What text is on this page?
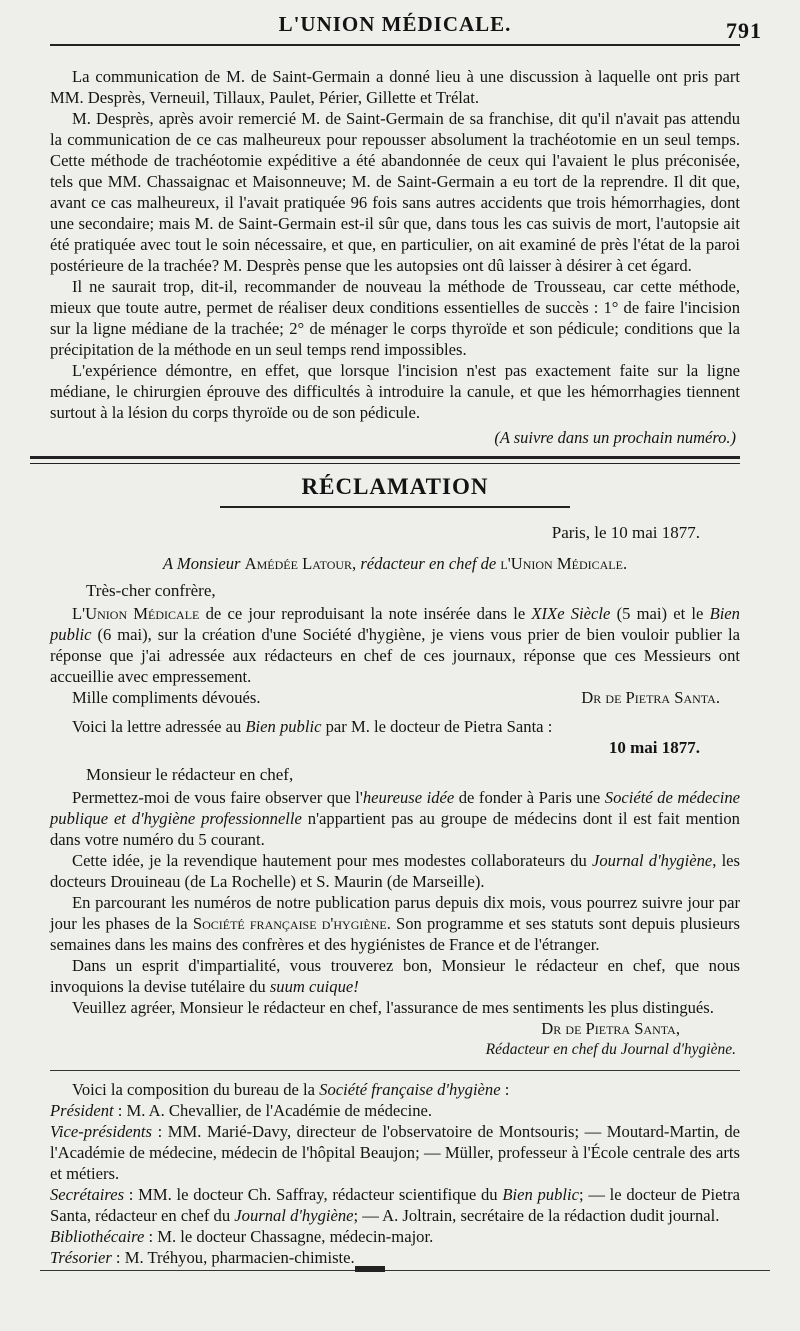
L'UNION MÉDICALE.	791

La communication de M. de Saint-Germain a donné lieu à une discussion à laquelle ont pris part MM. Desprès, Verneuil, Tillaux, Paulet, Périer, Gillette et Trélat.

M. Desprès, après avoir remercié M. de Saint-Germain de sa franchise, dit qu'il n'avait pas attendu la communication de ce cas malheureux pour repousser absolument la trachéotomie en un seul temps. Cette méthode de trachéotomie expéditive a été abandonnée de ceux qui l'avaient le plus préconisée, tels que MM. Chassaignac et Maisonneuve; M. de Saint-Germain a eu tort de la reprendre. Il dit que, avant ce cas malheureux, il l'avait pratiquée 96 fois sans autres accidents que trois hémorrhagies, dont une secondaire; mais M. de Saint-Germain est-il sûr que, dans tous les cas suivis de mort, l'autopsie ait été pratiquée avec tout le soin nécessaire, et que, en particulier, on ait examiné de près l'état de la paroi postérieure de la trachée? M. Desprès pense que les autopsies ont dû laisser à désirer à cet égard.

Il ne saurait trop, dit-il, recommander de nouveau la méthode de Trousseau, car cette méthode, mieux que toute autre, permet de réaliser deux conditions essentielles de succès : 1° de faire l'incision sur la ligne médiane de la trachée; 2° de ménager le corps thyroïde et son pédicule; conditions que la précipitation de la méthode en un seul temps rend impossibles.

L'expérience démontre, en effet, que lorsque l'incision n'est pas exactement faite sur la ligne médiane, le chirurgien éprouve des difficultés à introduire la canule, et que les hémorrhagies tiennent surtout à la lésion du corps thyroïde ou de son pédicule.

(A suivre dans un prochain numéro.)
RÉCLAMATION
Paris, le 10 mai 1877.
A Monsieur Amédée Latour, rédacteur en chef de l'Union Médicale.
Très-cher confrère,

L'Union Médicale de ce jour reproduisant la note insérée dans le XIXe Siècle (5 mai) et le Bien public (6 mai), sur la création d'une Société d'hygiène, je viens vous prier de bien vouloir publier la réponse que j'ai adressée aux rédacteurs en chef de ces journaux, réponse que ces Messieurs ont accueillie avec empressement.

Mille compliments dévoués.	Dr de Pietra Santa.

Voici la lettre adressée au Bien public par M. le docteur de Pietra Santa :

10 mai 1877.
Monsieur le rédacteur en chef,

Permettez-moi de vous faire observer que l'heureuse idée de fonder à Paris une Société de médecine publique et d'hygiène professionnelle n'appartient pas au groupe de médecins dont il est fait mention dans votre numéro du 5 courant.

Cette idée, je la revendique hautement pour mes modestes collaborateurs du Journal d'hygiène, les docteurs Drouineau (de La Rochelle) et S. Maurin (de Marseille).

En parcourant les numéros de notre publication parus depuis dix mois, vous pourrez suivre jour par jour les phases de la Société française d'hygiène. Son programme et ses statuts sont depuis plusieurs semaines dans les mains des confrères et des hygiénistes de France et de l'étranger.

Dans un esprit d'impartialité, vous trouverez bon, Monsieur le rédacteur en chef, que nous invoquions la devise tutélaire du suum cuique!

Veuillez agréer, Monsieur le rédacteur en chef, l'assurance de mes sentiments les plus distingués.

Dr de Pietra Santa,
Rédacteur en chef du Journal d'hygiène.

Voici la composition du bureau de la Société française d'hygiène :

Président : M. A. Chevallier, de l'Académie de médecine.

Vice-présidents : MM. Marié-Davy, directeur de l'observatoire de Montsouris; — Moutard-Martin, de l'Académie de médecine, médecin de l'hôpital Beaujon; — Müller, professeur à l'École centrale des arts et métiers.

Secrétaires : MM. le docteur Ch. Saffray, rédacteur scientifique du Bien public; — le docteur de Pietra Santa, rédacteur en chef du Journal d'hygiène; — A. Joltrain, secrétaire de la rédaction dudit journal.

Bibliothécaire : M. le docteur Chassagne, médecin-major.

Trésorier : M. Tréhyou, pharmacien-chimiste.
